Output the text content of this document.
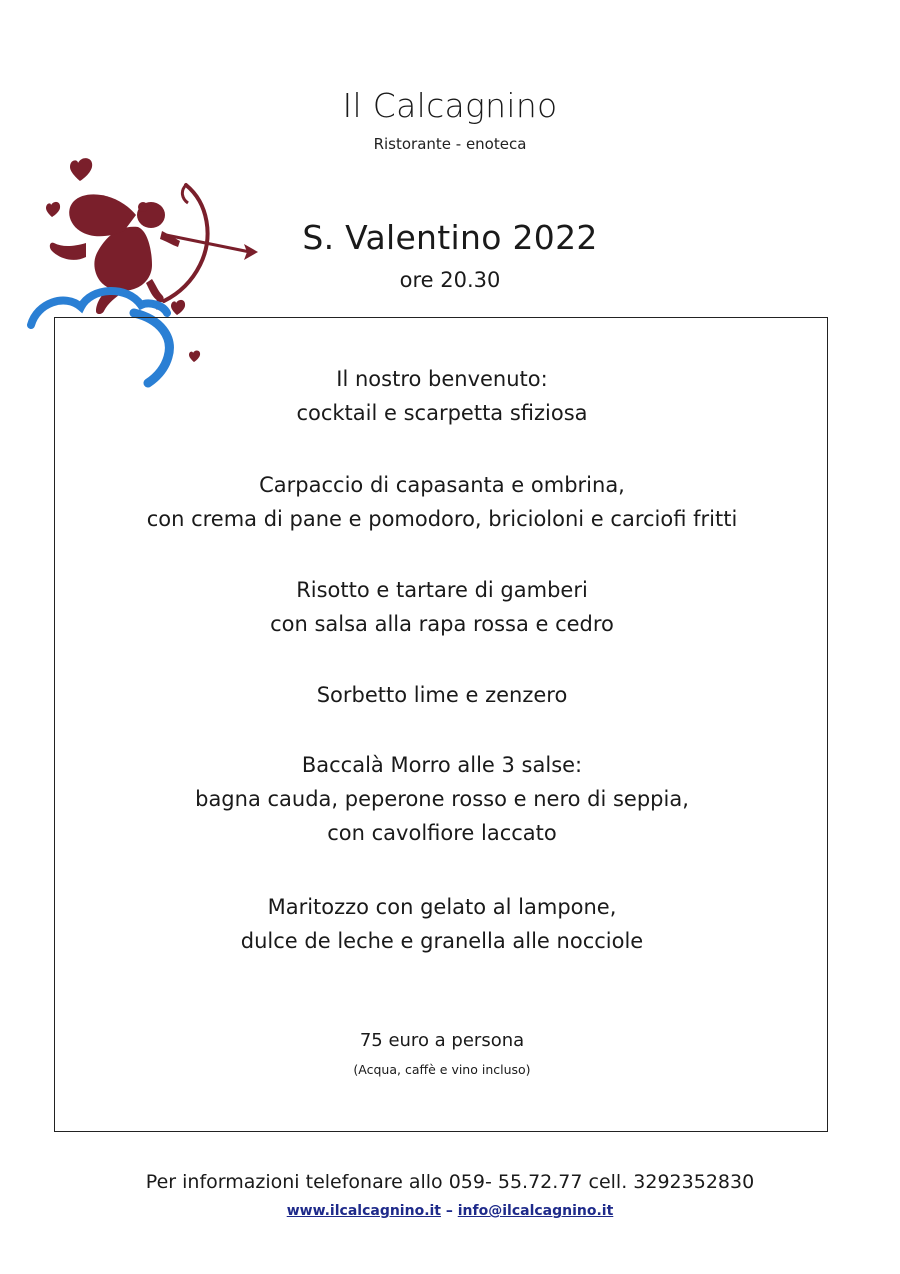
Il Calcagnino
Ristorante - enoteca
S. Valentino 2022
ore 20.30
Il nostro benvenuto:
cocktail e scarpetta sfiziosa
Carpaccio di capasanta e ombrina,
con crema di pane e pomodoro, bricioloni e carciofi fritti
Risotto e tartare di gamberi
con salsa alla rapa rossa e cedro
Sorbetto lime e zenzero
Baccalà Morro alle 3 salse:
bagna cauda, peperone rosso e nero di seppia,
con cavolfiore laccato
Maritozzo con gelato al lampone,
dulce de leche e granella alle nocciole
75 euro a persona
(Acqua, caffè e vino incluso)
Per informazioni telefonare allo 059- 55.72.77 cell. 3292352830
www.ilcalcagnino.it – info@ilcalcagnino.it
